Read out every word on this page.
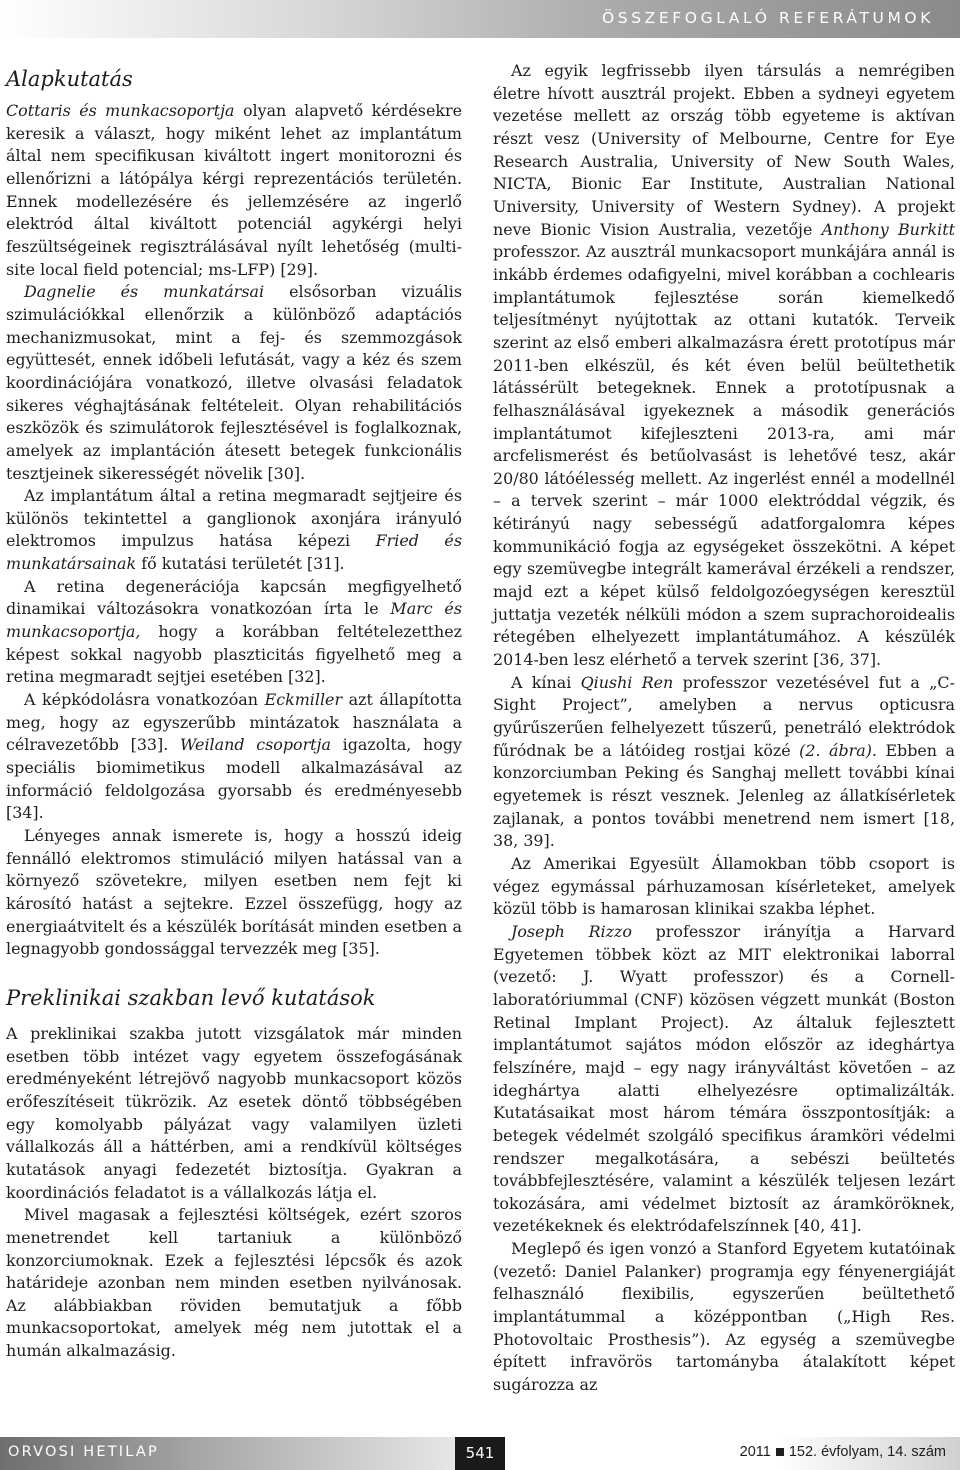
ÖSSZEFOGLALÓ REFERÁTUMOK
Alapkutatás

Cottaris és munkacsoportja olyan alapvető kérdésekre keresik a választ, hogy miként lehet az implantátum által nem specifikusan kiváltott ingert monitorozni és ellenőrizni a látópálya kérgi reprezentációs területén. Ennek modellezésére és jellemzésére az ingerlő elektród által kiváltott potenciál agykérgi helyi feszültségeinek regisztrálásával nyílt lehetőség (multi-site local field potencial; ms-LFP) [29].

Dagnelie és munkatársai elsősorban vizuális szimulációkkal ellenőrzik a különböző adaptációs mechanizmusokat, mint a fej- és szemmozgások együttesét, ennek időbeli lefutását, vagy a kéz és szem koordinációjára vonatkozó, illetve olvasási feladatok sikeres véghajtásának feltételeit. Olyan rehabilitációs eszközök és szimulátorok fejlesztésével is foglalkoznak, amelyek az implantáción átesett betegek funkcionális tesztjeinek sikerességét növelik [30].

Az implantátum által a retina megmaradt sejtjeire és különös tekintettel a ganglionok axonjára irányuló elektromos impulzus hatása képezi Fried és munkatársainak fő kutatási területét [31].

A retina degenerációja kapcsán megfigyelhető dinamikai változásokra vonatkozóan írta le Marc és munkacsoportja, hogy a korábban feltételezetthez képest sokkal nagyobb plaszticitás figyelhető meg a retina megmaradt sejtjei esetében [32].

A képkódolásra vonatkozóan Eckmiller azt állapította meg, hogy az egyszerűbb mintázatok használata a célravezetőbb [33]. Weiland csoportja igazolta, hogy speciális biomimetikus modell alkalmazásával az információ feldolgozása gyorsabb és eredményesebb [34].

Lényeges annak ismerete is, hogy a hosszú ideig fennálló elektromos stimuláció milyen hatással van a környező szövetekre, milyen esetben nem fejt ki károsító hatást a sejtekre. Ezzel összefügg, hogy az energiaátvitelt és a készülék borítását minden esetben a legnagyobb gondossággal tervezzék meg [35].

Preklinikai szakban levő kutatások

A preklinikai szakba jutott vizsgálatok már minden esetben több intézet vagy egyetem összefogásának eredményeként létrejövő nagyobb munkacsoport közös erőfeszítéseit tükrözik. Az esetek döntő többségében egy komolyabb pályázat vagy valamilyen üzleti vállalkozás áll a háttérben, ami a rendkívül költséges kutatások anyagi fedezetét biztosítja. Gyakran a koordinációs feladatot is a vállalkozás látja el.

Mivel magasak a fejlesztési költségek, ezért szoros menetrendet kell tartaniuk a különböző konzorciumoknak. Ezek a fejlesztési lépcsők és azok határideje azonban nem minden esetben nyilvánosak. Az alábbiakban röviden bemutatjuk a főbb munkacsoportokat, amelyek még nem jutottak el a humán alkalmazásig.

Az egyik legfrissebb ilyen társulás a nemrégiben életre hívott ausztrál projekt. Ebben a sydneyi egyetem vezetése mellett az ország több egyeteme is aktívan részt vesz (University of Melbourne, Centre for Eye Research Australia, University of New South Wales, NICTA, Bionic Ear Institute, Australian National University, University of Western Sydney). A projekt neve Bionic Vision Australia, vezetője Anthony Burkitt professzor. Az ausztrál munkacsoport munkájára annál is inkább érdemes odafigyelni, mivel korábban a cochlearis implantátumok fejlesztése során kiemelkedő teljesítményt nyújtottak az ottani kutatók. Terveik szerint az első emberi alkalmazásra érett prototípus már 2011-ben elkészül, és két éven belül beültethetik látássérült betegeknek. Ennek a prototípusnak a felhasználásával igyekeznek a második generációs implantátumot kifejleszteni 2013-ra, ami már arcfelismerést és betűolvasást is lehetővé tesz, akár 20/80 látóélesség mellett. Az ingerlést ennél a modellnél – a tervek szerint – már 1000 elektróddal végzik, és kétirányú nagy sebességű adatforgalomra képes kommunikáció fogja az egységeket összekötni. A képet egy szemüvegbe integrált kamerával érzékeli a rendszer, majd ezt a képet külső feldolgozóegységen keresztül juttatja vezeték nélküli módon a szem suprachoroidealis rétegében elhelyezett implantátumához. A készülék 2014-ben lesz elérhető a tervek szerint [36, 37].

A kínai Qiushi Ren professzor vezetésével fut a „C-Sight Project”, amelyben a nervus opticusra gyűrűszerűen felhelyezett tűszerű, penetráló elektródok fűródnak be a látóideg rostjai közé (2. ábra). Ebben a konzorciumban Peking és Sanghaj mellett további kínai egyetemek is részt vesznek. Jelenleg az állatkísérletek zajlanak, a pontos további menetrend nem ismert [18, 38, 39].

Az Amerikai Egyesült Államokban több csoport is végez egymással párhuzamosan kísérleteket, amelyek közül több is hamarosan klinikai szakba léphet.

Joseph Rizzo professzor irányítja a Harvard Egyetemen többek közt az MIT elektronikai laborral (vezető: J. Wyatt professzor) és a Cornell-laboratóriummal (CNF) közösen végzett munkát (Boston Retinal Implant Project). Az általuk fejlesztett implantátumot sajátos módon először az ideghártya felszínére, majd – egy nagy irányváltást követően – az ideghártya alatti elhelyezésre optimalizálták. Kutatásaikat most három témára összpontosítják: a betegek védelmét szolgáló specifikus áramköri védelmi rendszer megalkotására, a sebészi beültetés továbbfejlesztésére, valamint a készülék teljesen lezárt tokozására, ami védelmet biztosít az áramköröknek, vezetékeknek és elektródafelszínnek [40, 41].

Meglepő és igen vonzó a Stanford Egyetem kutatóinak (vezető: Daniel Palanker) programja egy fényenergiáját felhasználó flexibilis, egyszerűen beültethető implantátummal a középpontban („High Res. Photovoltaic Prosthesis”). Az egység a szemüvegbe épített infravörös tartományba átalakított képet sugározza az

ORVOSI HETILAP	541	2011 152. évfolyam, 14. szám
